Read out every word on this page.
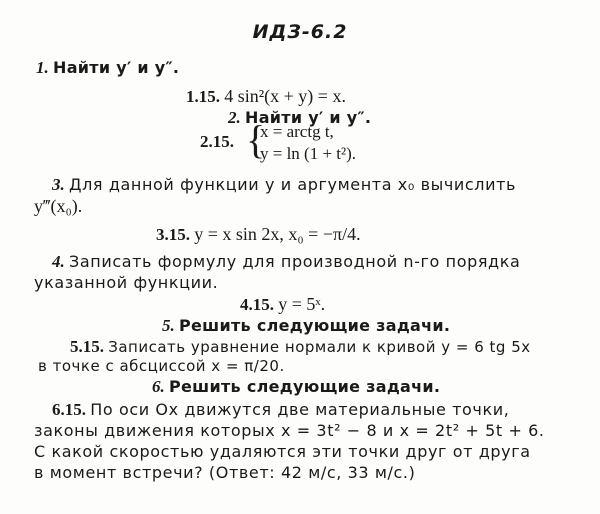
ИДЗ-6.2
1. Найти y′ и y″.
1.15. 4 sin²(x + y) = x.
2. Найти y′ и y″.
2.15. {
x = arctg t,
y = ln (1 + t²).
3. Для данной функции y и аргумента x₀ вычислить
y‴(x₀).
3.15. y = x sin 2x, x₀ = −π/4.
4. Записать формулу для производной n-го порядка
указанной функции.
4.15. y = 5ˣ.
5. Решить следующие задачи.
5.15. Записать уравнение нормали к кривой y = 6 tg 5x
в точке с абсциссой x = π/20.
6. Решить следующие задачи.
6.15. По оси Ox движутся две материальные точки,
законы движения которых x = 3t² − 8 и x = 2t² + 5t + 6.
С какой скоростью удаляются эти точки друг от друга
в момент встречи? (Ответ: 42 м/с, 33 м/с.)
